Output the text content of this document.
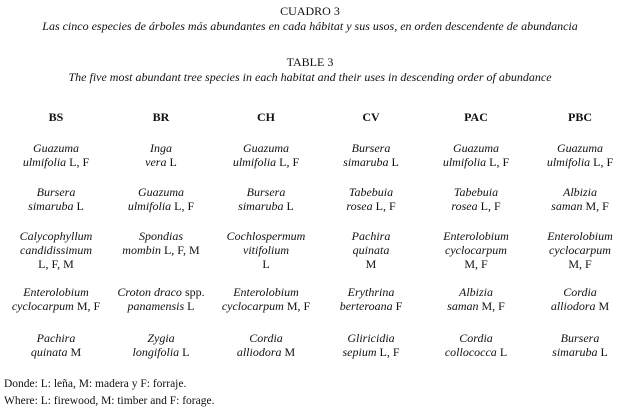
CUADRO 3
Las cinco especies de árboles más abundantes en cada hábitat y sus usos, en orden descendente de abundancia
TABLE 3
The five most abundant tree species in each habitat and their uses in descending order of abundance
BS
Guazuma
ulmifolia L, F
Bursera
simaruba L
Calycophyllum
candidissimum
L, F, M
Enterolobium
cyclocarpum M, F
Pachira
quinata M
BR
Inga
vera L
Guazuma
ulmifolia L, F
Spondias
mombin L, F, M
Croton draco spp.
panamensis L
Zygia
longifolia L
CH
Guazuma
ulmifolia L, F
Bursera
simaruba L
Cochlospermum
vitifolium
L
Enterolobium
cyclocarpum M, F
Cordia
alliodora M
CV
Bursera
simaruba L
Tabebuia
rosea L, F
Pachira
quinata
M
Erythrina
berteroana F
Gliricidia
sepium L, F
PAC
Guazuma
ulmifolia L, F
Tabebuia
rosea L, F
Enterolobium
cyclocarpum
M, F
Albizia
saman M, F
Cordia
collococca L
PBC
Guazuma
ulmifolia L, F
Albizia
saman M, F
Enterolobium
cyclocarpum
M, F
Cordia
alliodora M
Bursera
simaruba L
Donde: L: leña, M: madera y F: forraje.
Where: L: firewood, M: timber and F: forage.
